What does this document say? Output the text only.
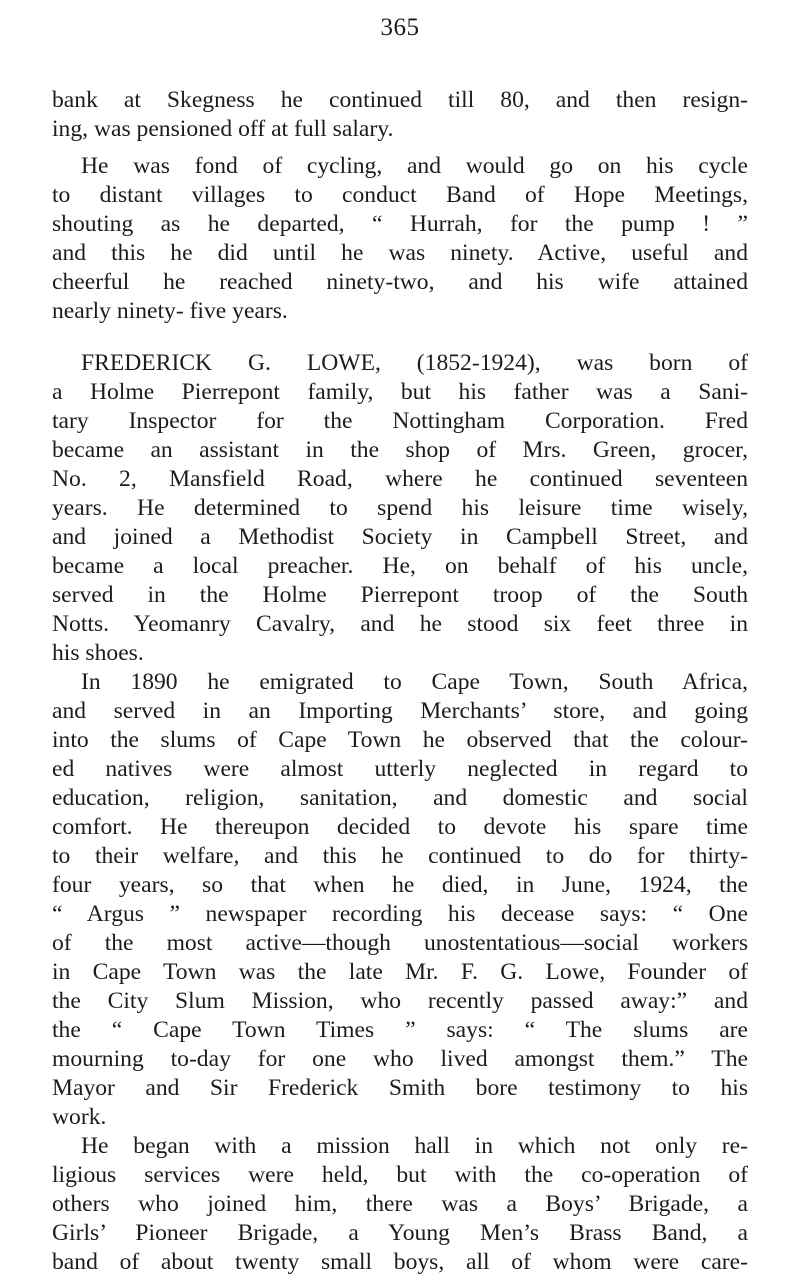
365
bank at Skegness he continued till 80, and then resign-
ing, was pensioned off at full salary.
He was fond of cycling, and would go on his cycle
to distant villages to conduct Band of Hope Meetings,
shouting as he departed, “ Hurrah, for the pump ! ”
and this he did until he was ninety. Active, useful and
cheerful he reached ninety-two, and his wife attained
nearly ninety- five years.
FREDERICK G. LOWE, (1852-1924), was born of
a Holme Pierrepont family, but his father was a Sani-
tary Inspector for the Nottingham Corporation. Fred
became an assistant in the shop of Mrs. Green, grocer,
No. 2, Mansfield Road, where he continued seventeen
years. He determined to spend his leisure time wisely,
and joined a Methodist Society in Campbell Street, and
became a local preacher. He, on behalf of his uncle,
served in the Holme Pierrepont troop of the South
Notts. Yeomanry Cavalry, and he stood six feet three in
his shoes.
In 1890 he emigrated to Cape Town, South Africa,
and served in an Importing Merchants’ store, and going
into the slums of Cape Town he observed that the colour-
ed natives were almost utterly neglected in regard to
education, religion, sanitation, and domestic and social
comfort. He thereupon decided to devote his spare time
to their welfare, and this he continued to do for thirty-
four years, so that when he died, in June, 1924, the
“ Argus ” newspaper recording his decease says: “ One
of the most active—though unostentatious—social workers
in Cape Town was the late Mr. F. G. Lowe, Founder of
the City Slum Mission, who recently passed away:” and
the “ Cape Town Times ” says: “ The slums are
mourning to-day for one who lived amongst them.” The
Mayor and Sir Frederick Smith bore testimony to his
work.
He began with a mission hall in which not only re-
ligious services were held, but with the co-operation of
others who joined him, there was a Boys’ Brigade, a
Girls’ Pioneer Brigade, a Young Men’s Brass Band, a
band of about twenty small boys, all of whom were care-
